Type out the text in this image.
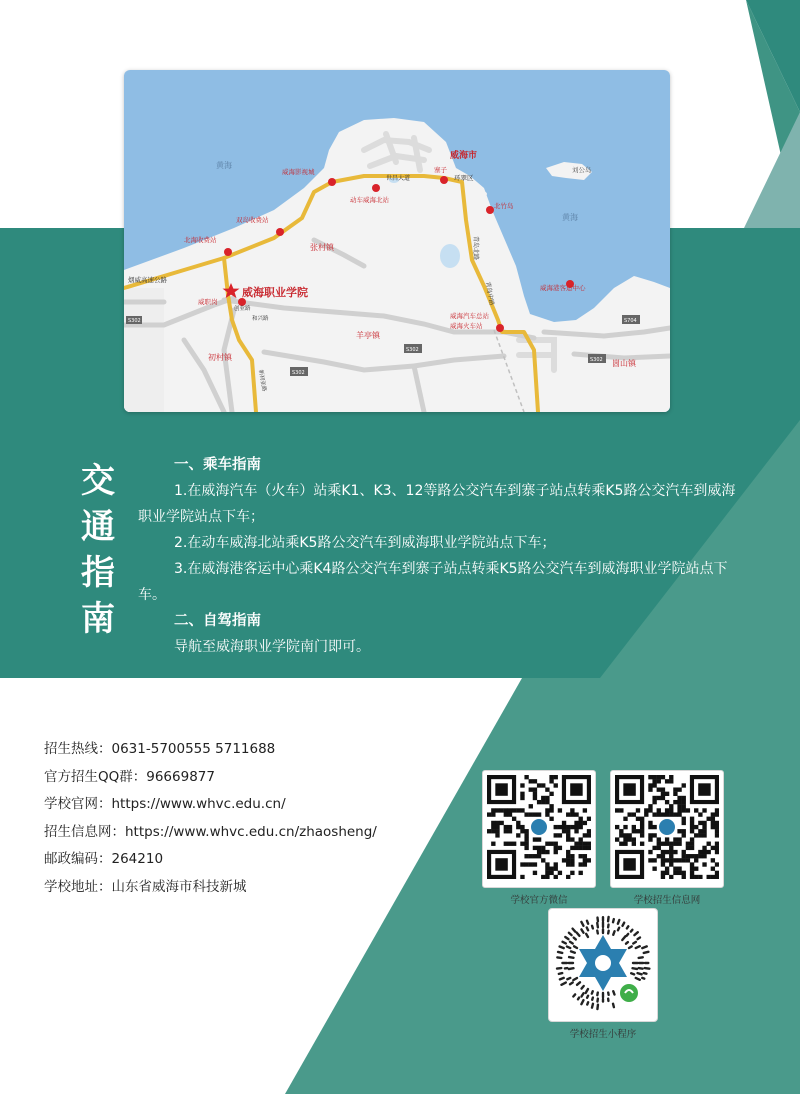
黄海
黄海
刘公岛
威海市
环翠区
烟威高速公路
世昌大道
青岛北路
青岛中路
创业路
和兴路
新初张路
威海影视城
双岛收费站
北海收费站
动车威海北站
寨子
北竹岛
威海港客运中心
威海汽车总站
威海火车站
威职岗
威海职业学院
张村镇
羊亭镇
初村镇
崮山镇
S302
S302
S302
S704
S302
交
通
指
南
一、乘车指南
1.在威海汽车（火车）站乘K1、K3、12等路公交汽车到寨子站点转乘K5路公交汽车到威海职业学院站点下车；
2.在动车威海北站乘K5路公交汽车到威海职业学院站点下车；
3.在威海港客运中心乘K4路公交汽车到寨子站点转乘K5路公交汽车到威海职业学院站点下车。
二、自驾指南
导航至威海职业学院南门即可。
招生热线：0631-5700555 5711688
官方招生QQ群：96669877
学校官网：https://www.whvc.edu.cn/
招生信息网：https://www.whvc.edu.cn/zhaosheng/
邮政编码：264210
学校地址：山东省威海市科技新城
学校官方微信	学校招生信息网
学校招生小程序
